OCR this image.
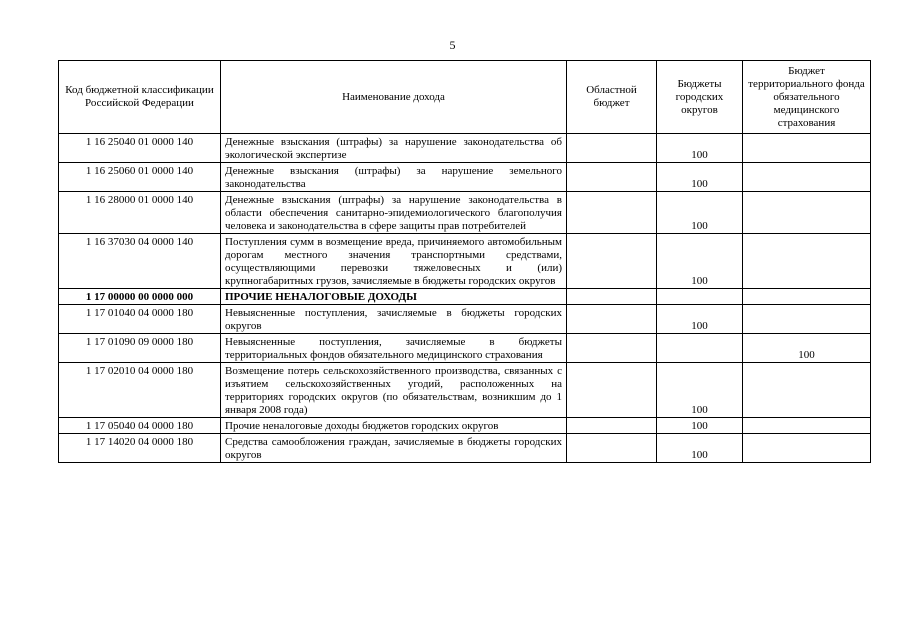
5
Код бюджетной классификации Российской Федерации	Наименование дохода	Областной бюджет	Бюджеты городских округов	Бюджет территориального фонда обязательного медицинского страхования
1 16 25040 01 0000 140	Денежные взыскания (штрафы) за нарушение законодательства об экологической экспертизе		100	
1 16 25060 01 0000 140	Денежные взыскания (штрафы) за нарушение земельного законодательства		100	
1 16 28000 01 0000 140	Денежные взыскания (штрафы) за нарушение законодательства в области обеспечения санитарно-эпидемиологического благополучия человека и законодательства в сфере защиты прав потребителей		100	
1 16 37030 04 0000 140	Поступления сумм в возмещение вреда, причиняемого автомобильным дорогам местного значения транспортными средствами, осуществляющими перевозки тяжеловесных и (или) крупногабаритных грузов, зачисляемые в бюджеты городских округов		100	
1 17 00000 00 0000 000	ПРОЧИЕ НЕНАЛОГОВЫЕ ДОХОДЫ			
1 17 01040 04 0000 180	Невыясненные поступления, зачисляемые в бюджеты городских округов		100	
1 17 01090 09 0000 180	Невыясненные поступления, зачисляемые в бюджеты территориальных фондов обязательного медицинского страхования			100
1 17 02010 04 0000 180	Возмещение потерь сельскохозяйственного производства, связанных с изъятием сельскохозяйственных угодий, расположенных на территориях городских округов (по обязательствам, возникшим до 1 января 2008 года)		100	
1 17 05040 04 0000 180	Прочие неналоговые доходы бюджетов городских округов		100	
1 17 14020 04 0000 180	Средства самообложения граждан, зачисляемые в бюджеты городских округов		100	
